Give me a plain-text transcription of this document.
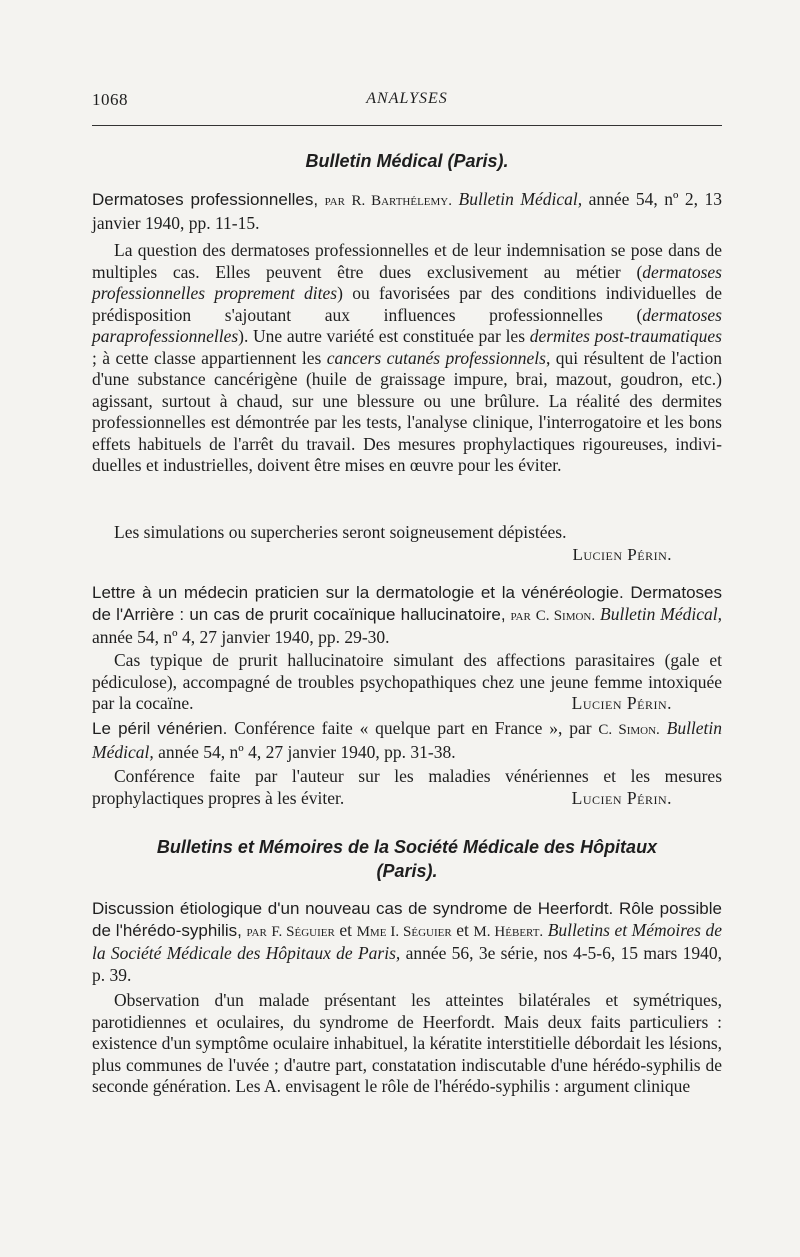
1068	ANALYSES
Bulletin Médical (Paris).
Dermatoses professionnelles, par R. Barthélemy. Bulletin Médical, année 54, nº 2, 13 janvier 1940, pp. 11-15.
La question des dermatoses professionnelles et de leur indemnisation se pose dans de multiples cas. Elles peuvent être dues exclusivement au métier (dermatoses professionnelles proprement dites) ou favorisées par des conditions individuelles de prédisposition s'ajoutant aux influences professionnelles (dermatoses paraprofessionnelles). Une autre variété est constituée par les dermites post-traumatiques ; à cette classe appartiennent les cancers cutanés professionnels, qui résultent de l'action d'une substance cancérigène (huile de graissage impure, brai, mazout, goudron, etc.) agissant, surtout à chaud, sur une blessure ou une brûlure. La réalité des dermites professionnelles est démontrée par les tests, l'analyse clinique, l'interrogatoire et les bons effets habituels de l'arrêt du travail. Des mesures prophylactiques rigoureuses, individuelles et industrielles, doivent être mises en œuvre pour les éviter.
Les simulations ou supercheries seront soigneusement dépistées.
Lucien Périn.
Lettre à un médecin praticien sur la dermatologie et la vénéréologie. Dermatoses de l'Arrière : un cas de prurit cocaïnique hallucinatoire, par C. Simon. Bulletin Médical, année 54, nº 4, 27 janvier 1940, pp. 29-30.
Cas typique de prurit hallucinatoire simulant des affections parasitaires (gale et pédiculose), accompagné de troubles psychopathiques chez une jeune femme intoxiquée par la cocaïne.	Lucien Périn.
Le péril vénérien. Conférence faite « quelque part en France », par C. Simon. Bulletin Médical, année 54, nº 4, 27 janvier 1940, pp. 31-38.
Conférence faite par l'auteur sur les maladies vénériennes et les mesures prophylactiques propres à les éviter.	Lucien Périn.
Bulletins et Mémoires de la Société Médicale des Hôpitaux
(Paris).
Discussion étiologique d'un nouveau cas de syndrome de Heerfordt. Rôle possible de l'hérédo-syphilis, par F. Séguier et Mme I. Séguier et M. Hébert. Bulletins et Mémoires de la Société Médicale des Hôpitaux de Paris, année 56, 3e série, nos 4-5-6, 15 mars 1940, p. 39.
Observation d'un malade présentant les atteintes bilatérales et symétriques, parotidiennes et oculaires, du syndrome de Heerfordt. Mais deux faits particuliers : existence d'un symptôme oculaire inhabituel, la kératite interstitielle débordait les lésions, plus communes de l'uvée ; d'autre part, constatation indiscutable d'une hérédo-syphilis de seconde génération. Les A. envisagent le rôle de l'hérédo-syphilis : argument clinique
